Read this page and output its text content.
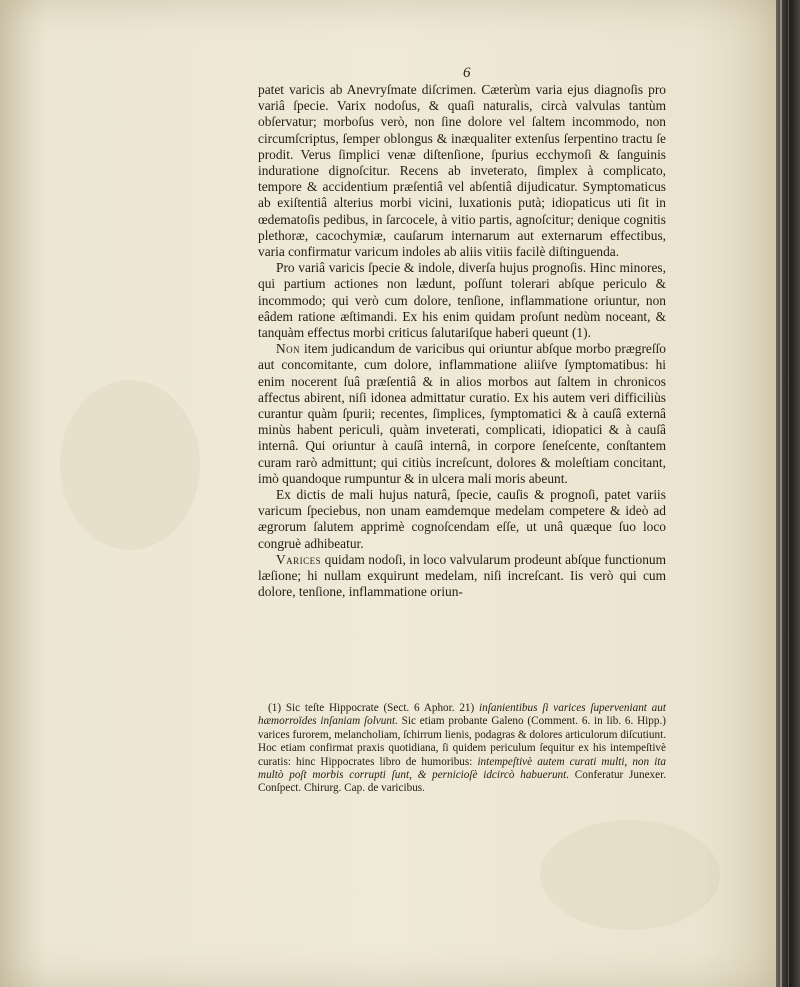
6

patet varicis ab Anevryſmate diſcrimen. Cæterùm varia ejus diagnoſis pro variâ ſpecie. Varix nodoſus, & quaſi naturalis, circà valvulas tantùm obſervatur; morboſus verò, non ſine dolore vel ſaltem incommodo, non circumſcriptus, ſemper oblongus & inæqualiter extenſus ſerpentino tractu ſe prodit. Verus ſimplici venæ diſtenſione, ſpurius ecchymoſi & ſanguinis induratione dignoſcitur. Recens ab inveterato, ſimplex à complicato, tempore & accidentium præſentiâ vel abſentiâ dijudicatur. Symptomaticus ab exiſtentiâ alterius morbi vicini, luxationis putà; idiopaticus uti ſit in œdematoſis pedibus, in ſarcocele, à vitio partis, agnoſcitur; denique cognitis plethoræ, cacochymiæ, cauſarum internarum aut externarum effectibus, varia confirmatur varicum indoles ab aliis vitiis facilè diſtinguenda.

Pro variâ varicis ſpecie & indole, diverſa hujus prognoſis. Hinc minores, qui partium actiones non lædunt, poſſunt tolerari abſque periculo & incommodo; qui verò cum dolore, tenſione, inflammatione oriuntur, non eâdem ratione æſtimandi. Ex his enim quidam proſunt nedùm noceant, & tanquàm effectus morbi criticus ſalutariſque haberi queunt (1).

Non item judicandum de varicibus qui oriuntur abſque morbo prægreſſo aut concomitante, cum dolore, inflammatione aliiſve ſymptomatibus: hi enim nocerent ſuâ præſentiâ & in alios morbos aut ſaltem in chronicos affectus abirent, niſi idonea admittatur curatio. Ex his autem veri difficiliùs curantur quàm ſpurii; recentes, ſimplices, ſymptomatici & à cauſâ externâ minùs habent periculi, quàm inveterati, complicati, idiopatici & à cauſâ internâ. Qui oriuntur à cauſâ internâ, in corpore ſeneſcente, conſtantem curam rarò admittunt; qui citiùs increſcunt, dolores & moleſtiam concitant, imò quandoque rumpuntur & in ulcera mali moris abeunt.

Ex dictis de mali hujus naturâ, ſpecie, cauſis & prognoſi, patet variis varicum ſpeciebus, non unam eamdemque medelam competere & ideò ad ægrorum ſalutem apprimè cognoſcendam eſſe, ut unâ quæque ſuo loco congruè adhibeatur.

Varices quidam nodoſi, in loco valvularum prodeunt abſque functionum læſione; hi nullam exquirunt medelam, niſi increſcant. Iis verò qui cum dolore, tenſione, inflammatione oriun-

(1) Sic teſte Hippocrate (Sect. 6 Aphor. 21) inſanientibus ſi varices ſuperveniant aut hæmorroïdes inſaniam ſolvunt. Sic etiam probante Galeno (Comment. 6. in lib. 6. Hipp.) varices furorem, melancholiam, ſchirrum lienis, podagras & dolores articulorum diſcutiunt. Hoc etiam confirmat praxis quotidiana, ſi quidem periculum ſequitur ex his intempeſtivè curatis: hinc Hippocrates libro de humoribus: intempeſtivè autem curati multi, non ita multò poſt morbis corrupti ſunt, & pernicioſè idcircò habuerunt. Conferatur Junexer. Conſpect. Chirurg. Cap. de varicibus.
